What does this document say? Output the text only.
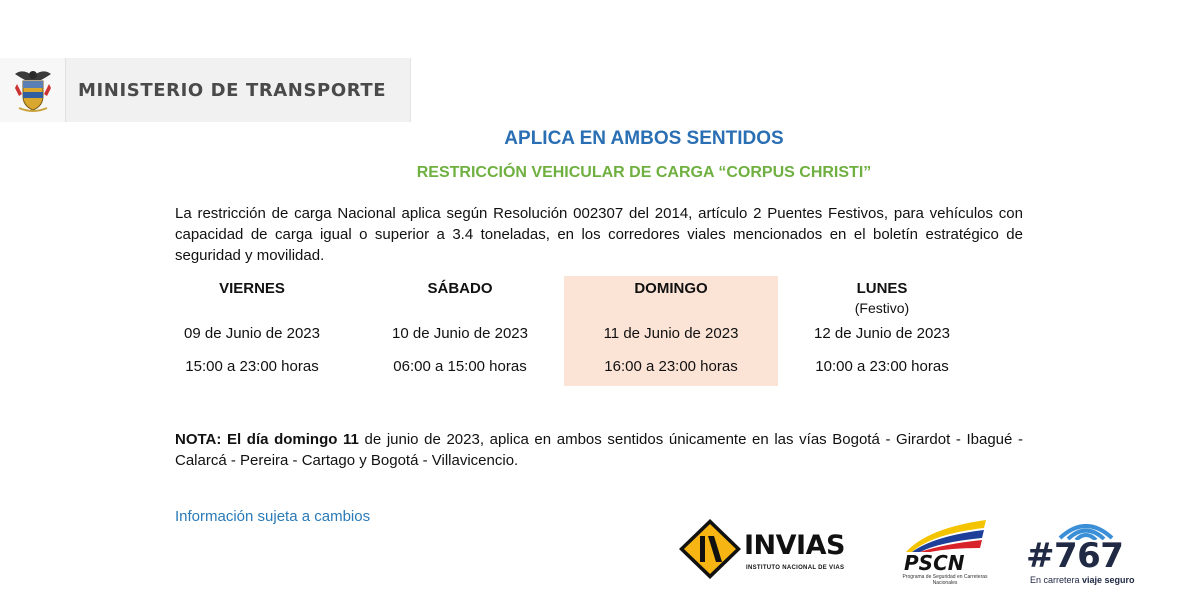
MINISTERIO DE TRANSPORTE
APLICA EN AMBOS SENTIDOS
RESTRICCIÓN VEHICULAR DE CARGA “CORPUS CHRISTI”

La restricción de carga Nacional aplica según Resolución 002307 del 2014, artículo 2 Puentes Festivos, para vehículos con capacidad de carga igual o superior a 3.4 toneladas, en los corredores viales mencionados en el boletín estratégico de seguridad y movilidad.

VIERNES
09 de Junio de 2023
15:00 a 23:00 horas
SÁBADO
10 de Junio de 2023
06:00 a 15:00 horas
DOMINGO
11 de Junio de 2023
16:00 a 23:00 horas
LUNES
(Festivo)
12 de Junio de 2023
10:00 a 23:00 horas

NOTA: El día domingo 11 de junio de 2023, aplica en ambos sentidos únicamente en las vías Bogotá - Girardot - Ibagué - Calarcá - Pereira - Cartago y Bogotá - Villavicencio.

Información sujeta a cambios
INVIAS
INSTITUTO NACIONAL DE VIAS	PSCN
Programa de Seguridad en Carreteras Nacionales
#767
En carretera viaje seguro
